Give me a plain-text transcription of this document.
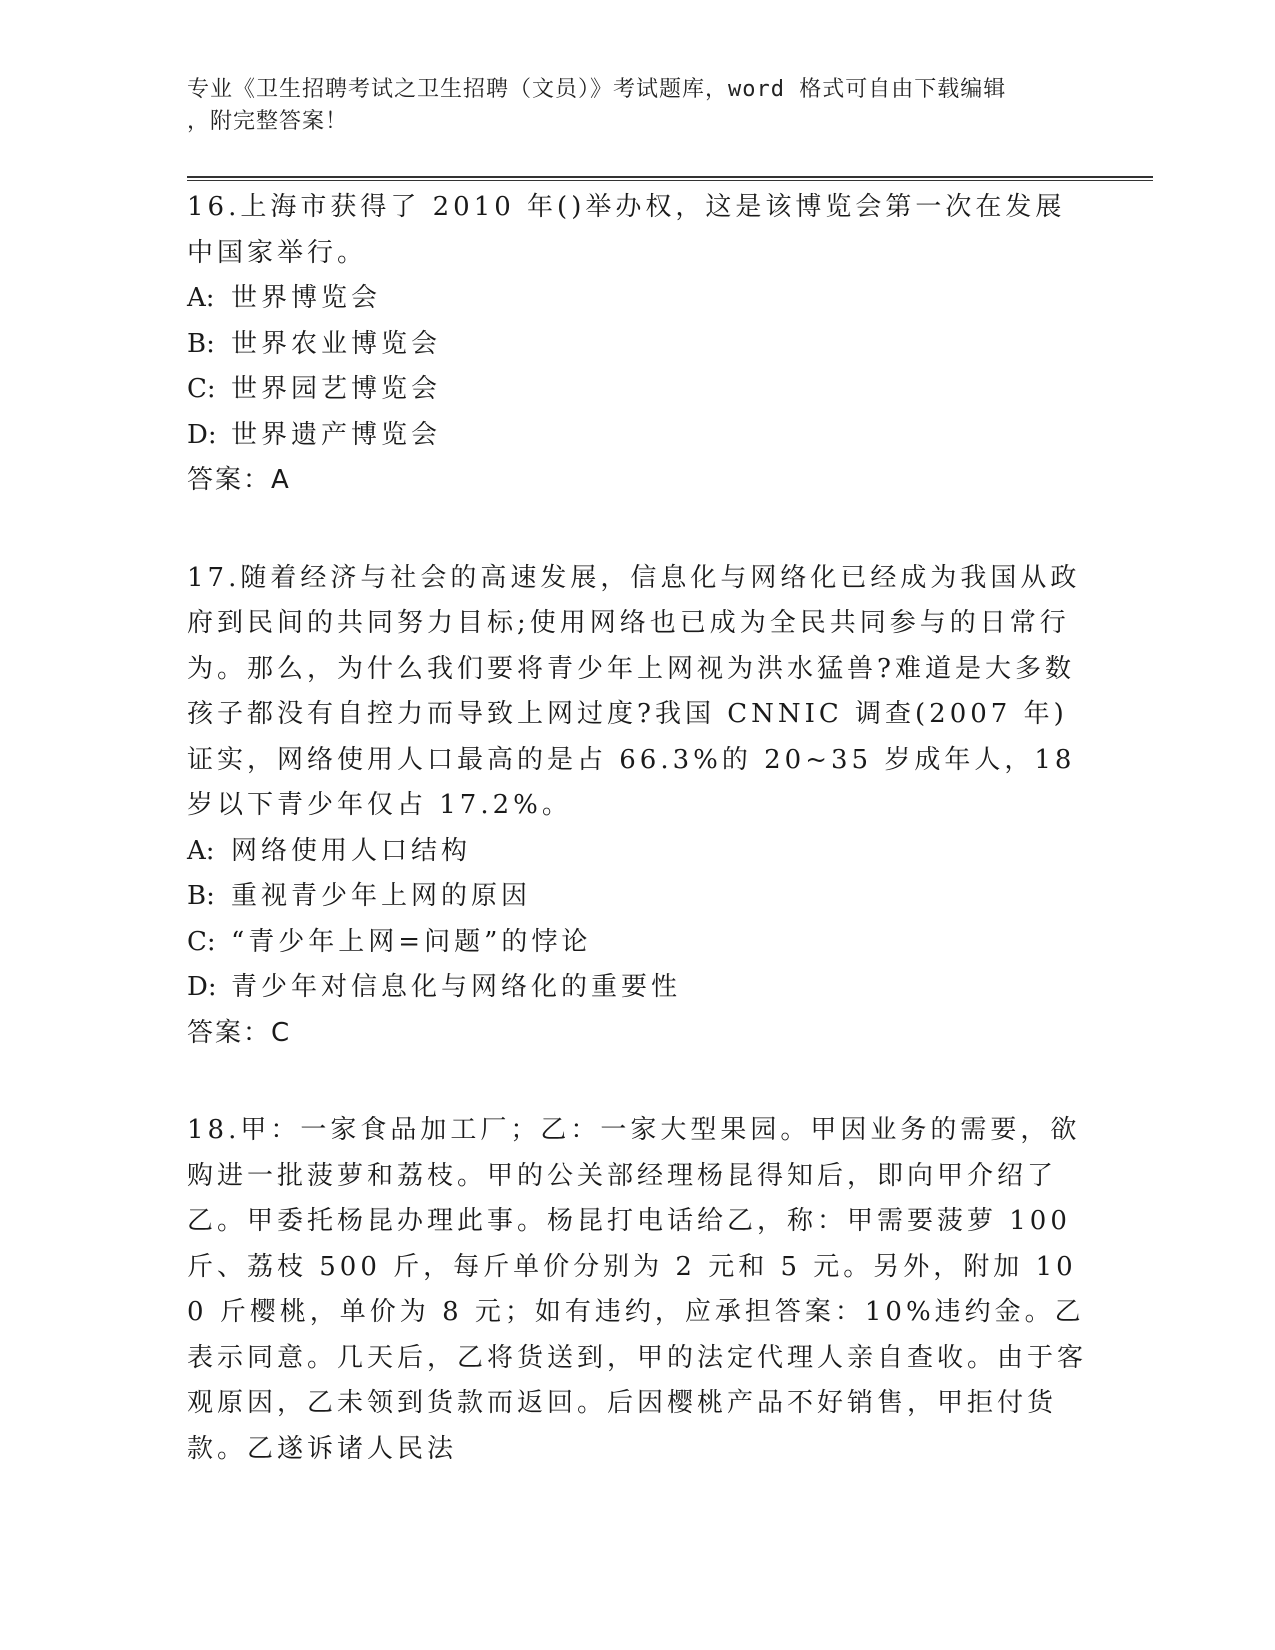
专业《卫生招聘考试之卫生招聘（文员）》考试题库，word 格式可自由下载编辑
，附完整答案！

16.上海市获得了 2010 年()举办权，这是该博览会第一次在发展中国家举行。

A: 世界博览会
B: 世界农业博览会
C: 世界园艺博览会
D: 世界遗产博览会

答案：A

17.随着经济与社会的高速发展，信息化与网络化已经成为我国从政府到民间的共同努力目标;使用网络也已成为全民共同参与的日常行为。那么，为什么我们要将青少年上网视为洪水猛兽?难道是大多数孩子都没有自控力而导致上网过度?我国 CNNIC 调查(2007 年)证实，网络使用人口最高的是占 66.3%的 20~35 岁成年人，18 岁以下青少年仅占 17.2%。

A: 网络使用人口结构
B: 重视青少年上网的原因
C: “青少年上网=问题”的悖论
D: 青少年对信息化与网络化的重要性

答案：C

18.甲：一家食品加工厂；乙：一家大型果园。甲因业务的需要，欲购进一批菠萝和荔枝。甲的公关部经理杨昆得知后，即向甲介绍了乙。甲委托杨昆办理此事。杨昆打电话给乙，称：甲需要菠萝 100 斤、荔枝 500 斤，每斤单价分别为 2 元和 5 元。另外，附加 100 斤樱桃，单价为 8 元；如有违约，应承担答案：10%违约金。乙表示同意。几天后，乙将货送到，甲的法定代理人亲自查收。由于客观原因，乙未领到货款而返回。后因樱桃产品不好销售，甲拒付货款。乙遂诉诸人民法
